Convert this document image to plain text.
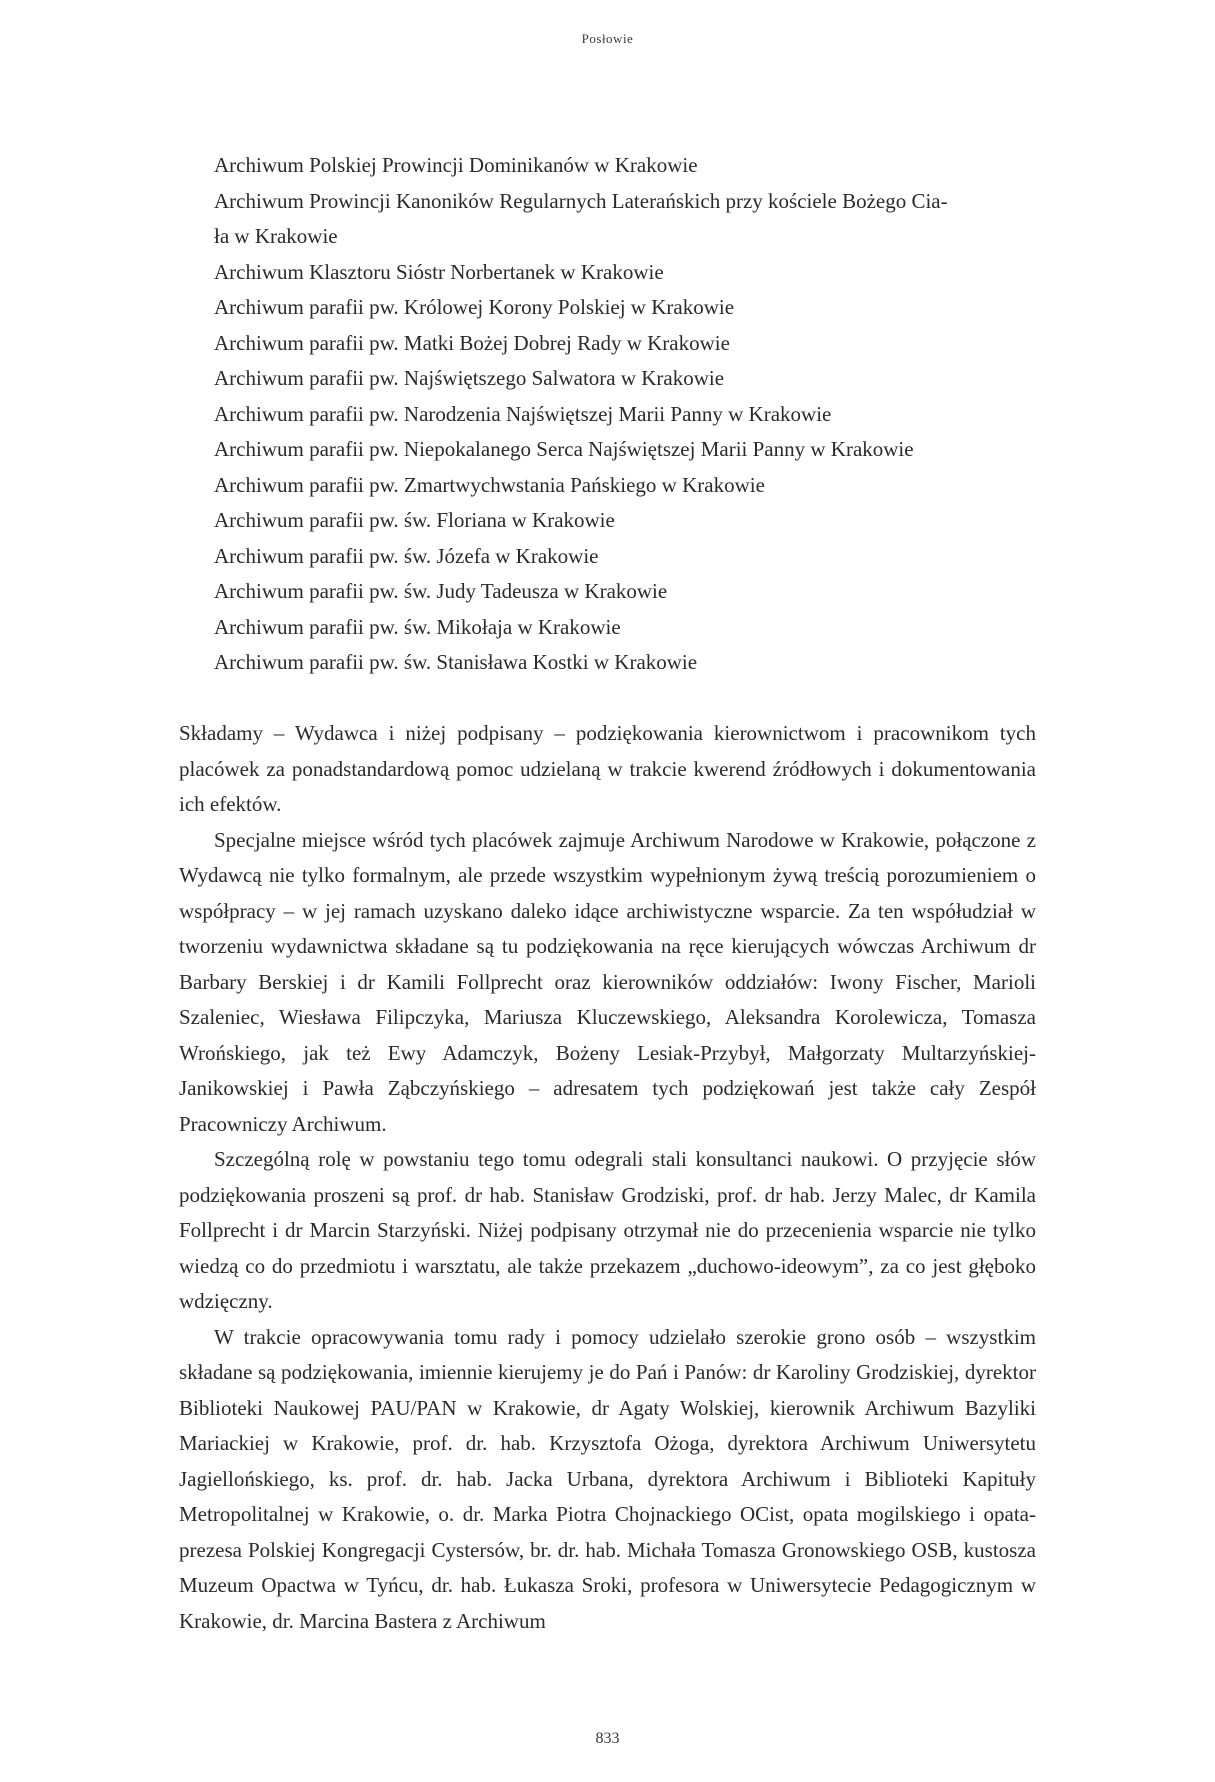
Posłowie
Archiwum Polskiej Prowincji Dominikanów w Krakowie
Archiwum Prowincji Kanoników Regularnych Laterańskich przy kościele Bożego Cia-
ła w Krakowie
Archiwum Klasztoru Sióstr Norbertanek w Krakowie
Archiwum parafii pw. Królowej Korony Polskiej w Krakowie
Archiwum parafii pw. Matki Bożej Dobrej Rady w Krakowie
Archiwum parafii pw. Najświętszego Salwatora w Krakowie
Archiwum parafii pw. Narodzenia Najświętszej Marii Panny w Krakowie
Archiwum parafii pw. Niepokalanego Serca Najświętszej Marii Panny w Krakowie
Archiwum parafii pw. Zmartwychwstania Pańskiego w Krakowie
Archiwum parafii pw. św. Floriana w Krakowie
Archiwum parafii pw. św. Józefa w Krakowie
Archiwum parafii pw. św. Judy Tadeusza w Krakowie
Archiwum parafii pw. św. Mikołaja w Krakowie
Archiwum parafii pw. św. Stanisława Kostki w Krakowie

Składamy – Wydawca i niżej podpisany – podziękowania kierownictwom i pracownikom tych placówek za ponadstandardową pomoc udzielaną w trakcie kwerend źródłowych i dokumentowania ich efektów.

Specjalne miejsce wśród tych placówek zajmuje Archiwum Narodowe w Krakowie, połączone z Wydawcą nie tylko formalnym, ale przede wszystkim wypełnionym żywą treścią porozumieniem o współpracy – w jej ramach uzyskano daleko idące archiwistyczne wsparcie. Za ten współudział w tworzeniu wydawnictwa składane są tu podziękowania na ręce kierujących wówczas Archiwum dr Barbary Berskiej i dr Kamili Follprecht oraz kierowników oddziałów: Iwony Fischer, Marioli Szaleniec, Wiesława Filipczyka, Mariusza Kluczewskiego, Aleksandra Korolewicza, Tomasza Wrońskiego, jak też Ewy Adamczyk, Bożeny Lesiak-Przybył, Małgorzaty Multarzyńskiej-Janikowskiej i Pawła Ząbczyńskiego – adresatem tych podziękowań jest także cały Zespół Pracowniczy Archiwum.

Szczególną rolę w powstaniu tego tomu odegrali stali konsultanci naukowi. O przyjęcie słów podziękowania proszeni są prof. dr hab. Stanisław Grodziski, prof. dr hab. Jerzy Malec, dr Kamila Follprecht i dr Marcin Starzyński. Niżej podpisany otrzymał nie do przecenienia wsparcie nie tylko wiedzą co do przedmiotu i warsztatu, ale także przekazem „duchowo-ideowym”, za co jest głęboko wdzięczny.

W trakcie opracowywania tomu rady i pomocy udzielało szerokie grono osób – wszystkim składane są podziękowania, imiennie kierujemy je do Pań i Panów: dr Karoliny Grodziskiej, dyrektor Biblioteki Naukowej PAU/PAN w Krakowie, dr Agaty Wolskiej, kierownik Archiwum Bazyliki Mariackiej w Krakowie, prof. dr. hab. Krzysztofa Ożoga, dyrektora Archiwum Uniwersytetu Jagiellońskiego, ks. prof. dr. hab. Jacka Urbana, dyrektora Archiwum i Biblioteki Kapituły Metropolitalnej w Krakowie, o. dr. Marka Piotra Chojnackiego OCist, opata mogilskiego i opata-prezesa Polskiej Kongregacji Cystersów, br. dr. hab. Michała Tomasza Gronowskiego OSB, kustosza Muzeum Opactwa w Tyńcu, dr. hab. Łukasza Sroki, profesora w Uniwersytecie Pedagogicznym w Krakowie, dr. Marcina Bastera z Archiwum

833
